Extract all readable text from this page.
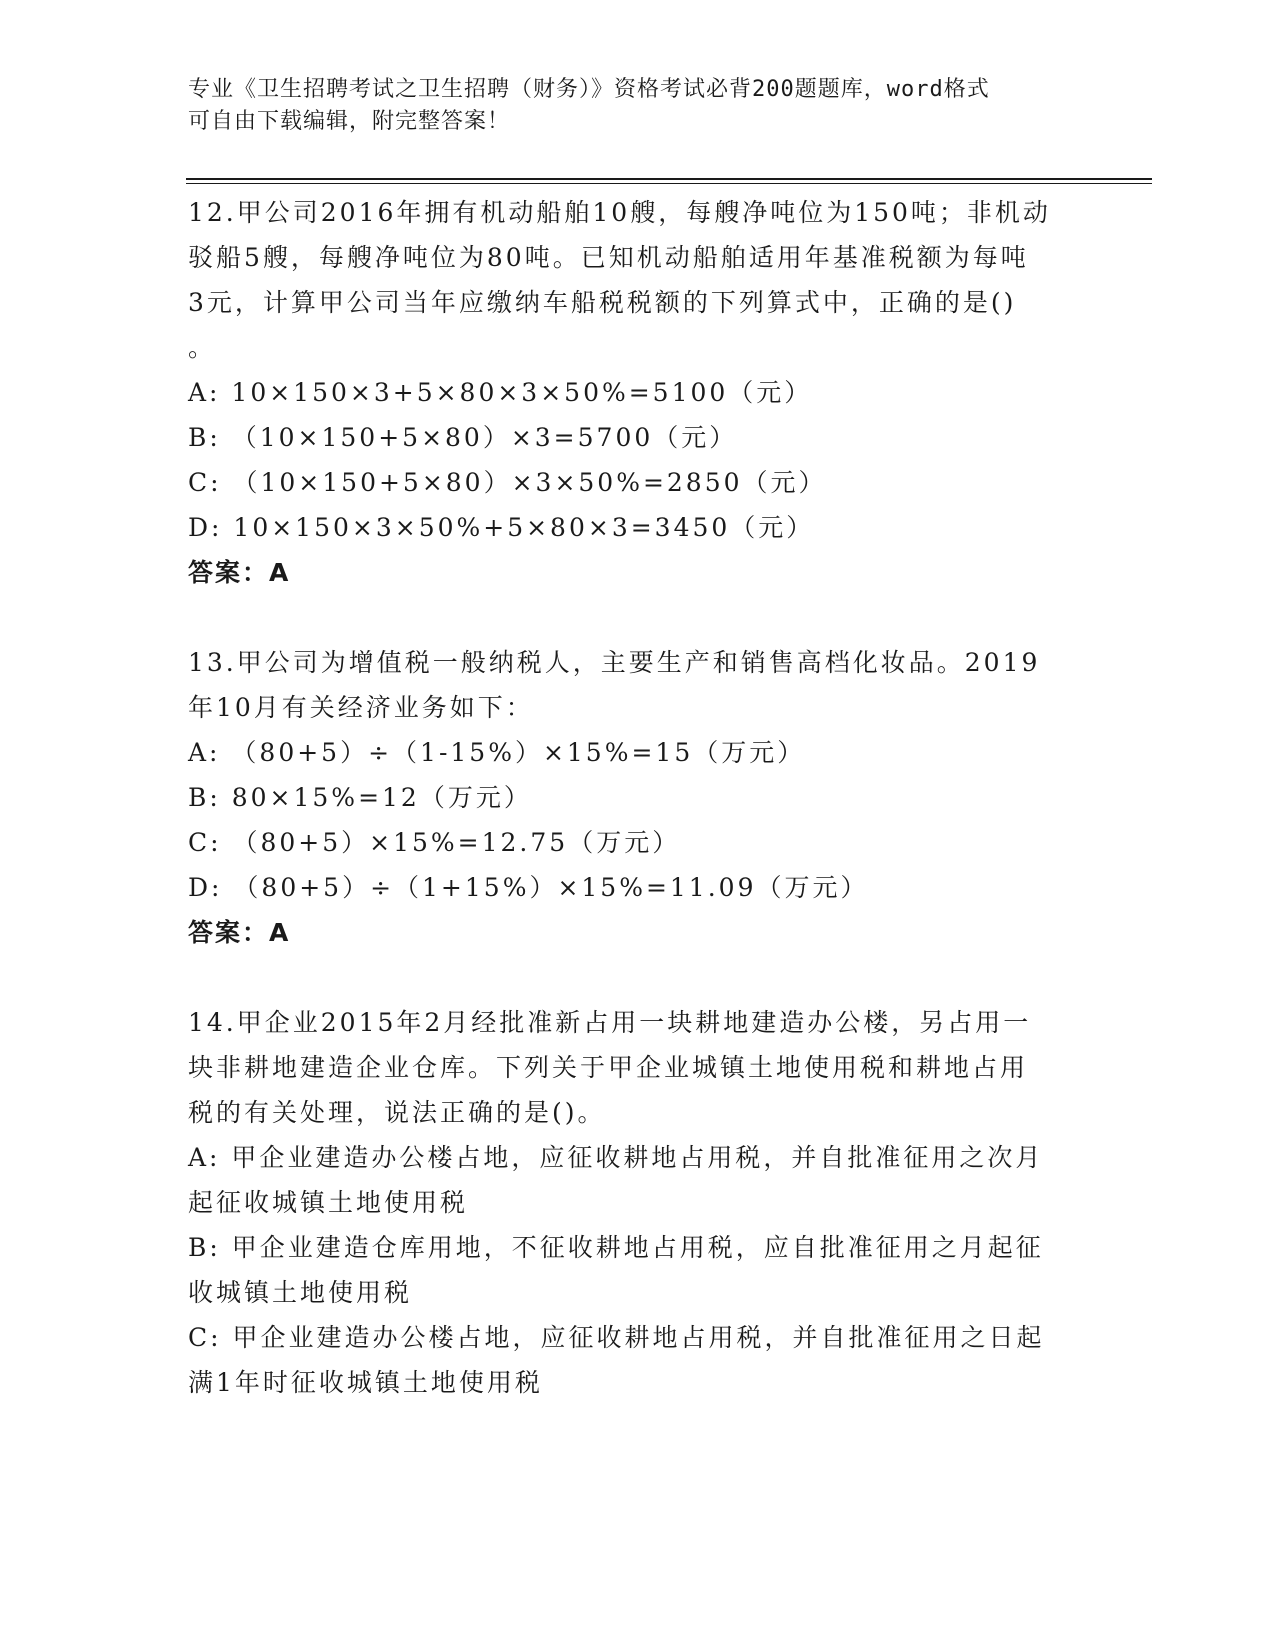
专业《卫生招聘考试之卫生招聘（财务）》资格考试必背200题题库，word格式
可自由下载编辑，附完整答案！
12.甲公司2016年拥有机动船舶10艘，每艘净吨位为150吨；非机动
驳船5艘，每艘净吨位为80吨。已知机动船舶适用年基准税额为每吨
3元，计算甲公司当年应缴纳车船税税额的下列算式中，正确的是()
。
A: 10×150×3+5×80×3×50%=5100（元）
B: （10×150+5×80）×3=5700（元）
C: （10×150+5×80）×3×50%=2850（元）
D: 10×150×3×50%+5×80×3=3450（元）
答案：A
13.甲公司为增值税一般纳税人，主要生产和销售高档化妆品。2019
年10月有关经济业务如下：
A: （80+5）÷（1-15%）×15%=15（万元）
B: 80×15%=12（万元）
C: （80+5）×15%=12.75（万元）
D: （80+5）÷（1+15%）×15%=11.09（万元）
答案：A
14.甲企业2015年2月经批准新占用一块耕地建造办公楼，另占用一
块非耕地建造企业仓库。下列关于甲企业城镇土地使用税和耕地占用
税的有关处理，说法正确的是()。
A: 甲企业建造办公楼占地，应征收耕地占用税，并自批准征用之次月
起征收城镇土地使用税
B: 甲企业建造仓库用地，不征收耕地占用税，应自批准征用之月起征
收城镇土地使用税
C: 甲企业建造办公楼占地，应征收耕地占用税，并自批准征用之日起
满1年时征收城镇土地使用税
